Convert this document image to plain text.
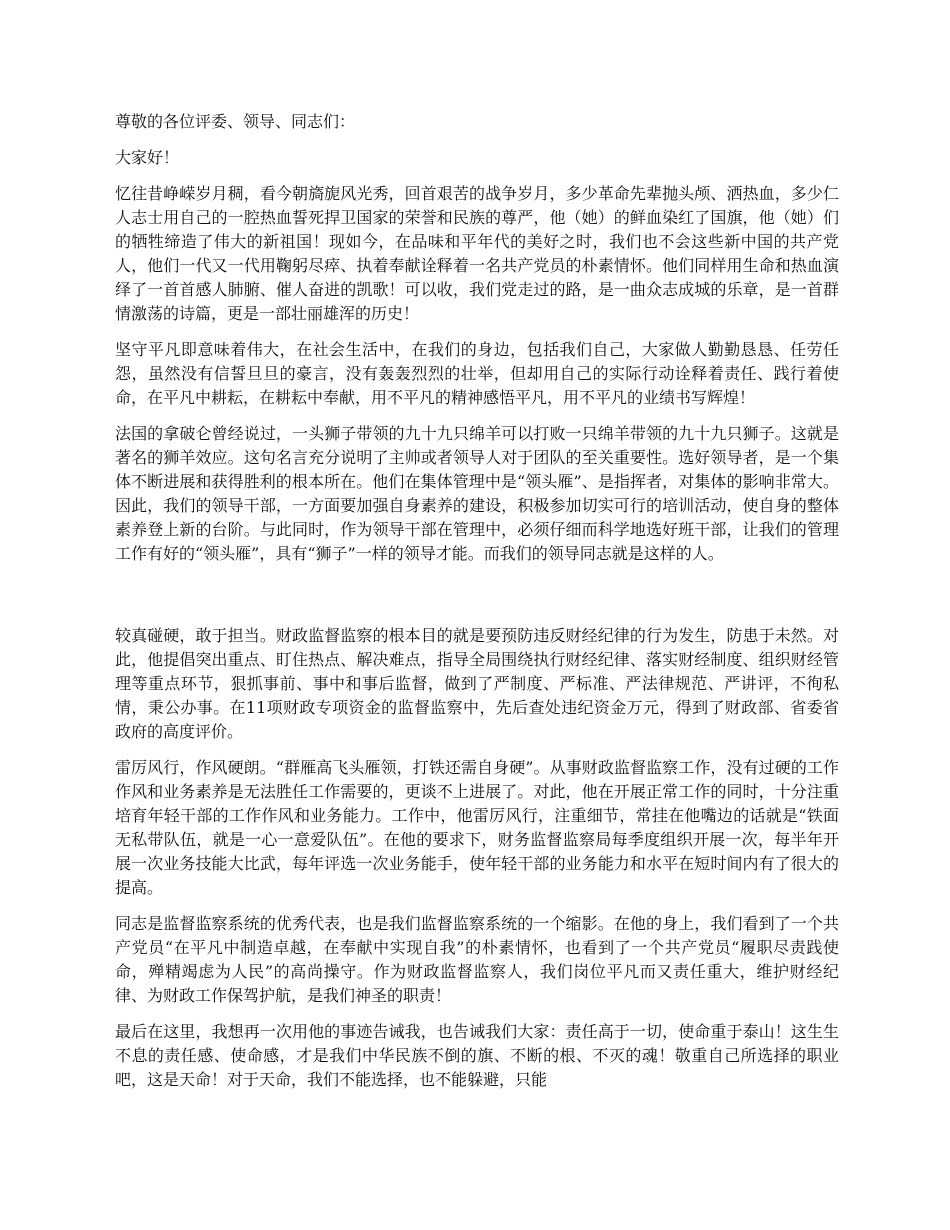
尊敬的各位评委、领导、同志们：

大家好！

忆往昔峥嵘岁月稠，看今朝旖旎风光秀，回首艰苦的战争岁月，多少革命先辈抛头颅、洒热血，多少仁人志士用自己的一腔热血誓死捍卫国家的荣誉和民族的尊严，他（她）的鲜血染红了国旗，他（她）们的牺牲缔造了伟大的新祖国！现如今，在品味和平年代的美好之时，我们也不会这些新中国的共产党人，他们一代又一代用鞠躬尽瘁、执着奉献诠释着一名共产党员的朴素情怀。他们同样用生命和热血演绎了一首首感人肺腑、催人奋进的凯歌！可以收，我们党走过的路，是一曲众志成城的乐章，是一首群情激荡的诗篇，更是一部壮丽雄浑的历史！

坚守平凡即意味着伟大，在社会生活中，在我们的身边，包括我们自己，大家做人勤勤恳恳、任劳任怨，虽然没有信誓旦旦的豪言，没有轰轰烈烈的壮举，但却用自己的实际行动诠释着责任、践行着使命，在平凡中耕耘，在耕耘中奉献，用不平凡的精神感悟平凡，用不平凡的业绩书写辉煌！

法国的拿破仑曾经说过，一头狮子带领的九十九只绵羊可以打败一只绵羊带领的九十九只狮子。这就是著名的狮羊效应。这句名言充分说明了主帅或者领导人对于团队的至关重要性。选好领导者，是一个集体不断进展和获得胜利的根本所在。他们在集体管理中是“领头雁”、是指挥者，对集体的影响非常大。因此，我们的领导干部，一方面要加强自身素养的建设，积极参加切实可行的培训活动，使自身的整体素养登上新的台阶。与此同时，作为领导干部在管理中，必须仔细而科学地选好班干部，让我们的管理工作有好的“领头雁”，具有“狮子”一样的领导才能。而我们的领导同志就是这样的人。

较真碰硬，敢于担当。财政监督监察的根本目的就是要预防违反财经纪律的行为发生，防患于未然。对此，他提倡突出重点、盯住热点、解决难点，指导全局围绕执行财经纪律、落实财经制度、组织财经管理等重点环节，狠抓事前、事中和事后监督，做到了严制度、严标准、严法律规范、严讲评，不徇私情，秉公办事。在11项财政专项资金的监督监察中，先后查处违纪资金万元，得到了财政部、省委省政府的高度评价。

雷厉风行，作风硬朗。“群雁高飞头雁领，打铁还需自身硬”。从事财政监督监察工作，没有过硬的工作作风和业务素养是无法胜任工作需要的，更谈不上进展了。对此，他在开展正常工作的同时，十分注重培育年轻干部的工作作风和业务能力。工作中，他雷厉风行，注重细节，常挂在他嘴边的话就是“铁面无私带队伍，就是一心一意爱队伍”。在他的要求下，财务监督监察局每季度组织开展一次，每半年开展一次业务技能大比武，每年评选一次业务能手，使年轻干部的业务能力和水平在短时间内有了很大的提高。

同志是监督监察系统的优秀代表，也是我们监督监察系统的一个缩影。在他的身上，我们看到了一个共产党员“在平凡中制造卓越，在奉献中实现自我”的朴素情怀，也看到了一个共产党员“履职尽责践使命，殚精竭虑为人民”的高尚操守。作为财政监督监察人，我们岗位平凡而又责任重大，维护财经纪律、为财政工作保驾护航，是我们神圣的职责！

最后在这里，我想再一次用他的事迹告诫我，也告诫我们大家：责任高于一切，使命重于泰山！这生生不息的责任感、使命感，才是我们中华民族不倒的旗、不断的根、不灭的魂！敬重自己所选择的职业吧，这是天命！对于天命，我们不能选择，也不能躲避，只能
